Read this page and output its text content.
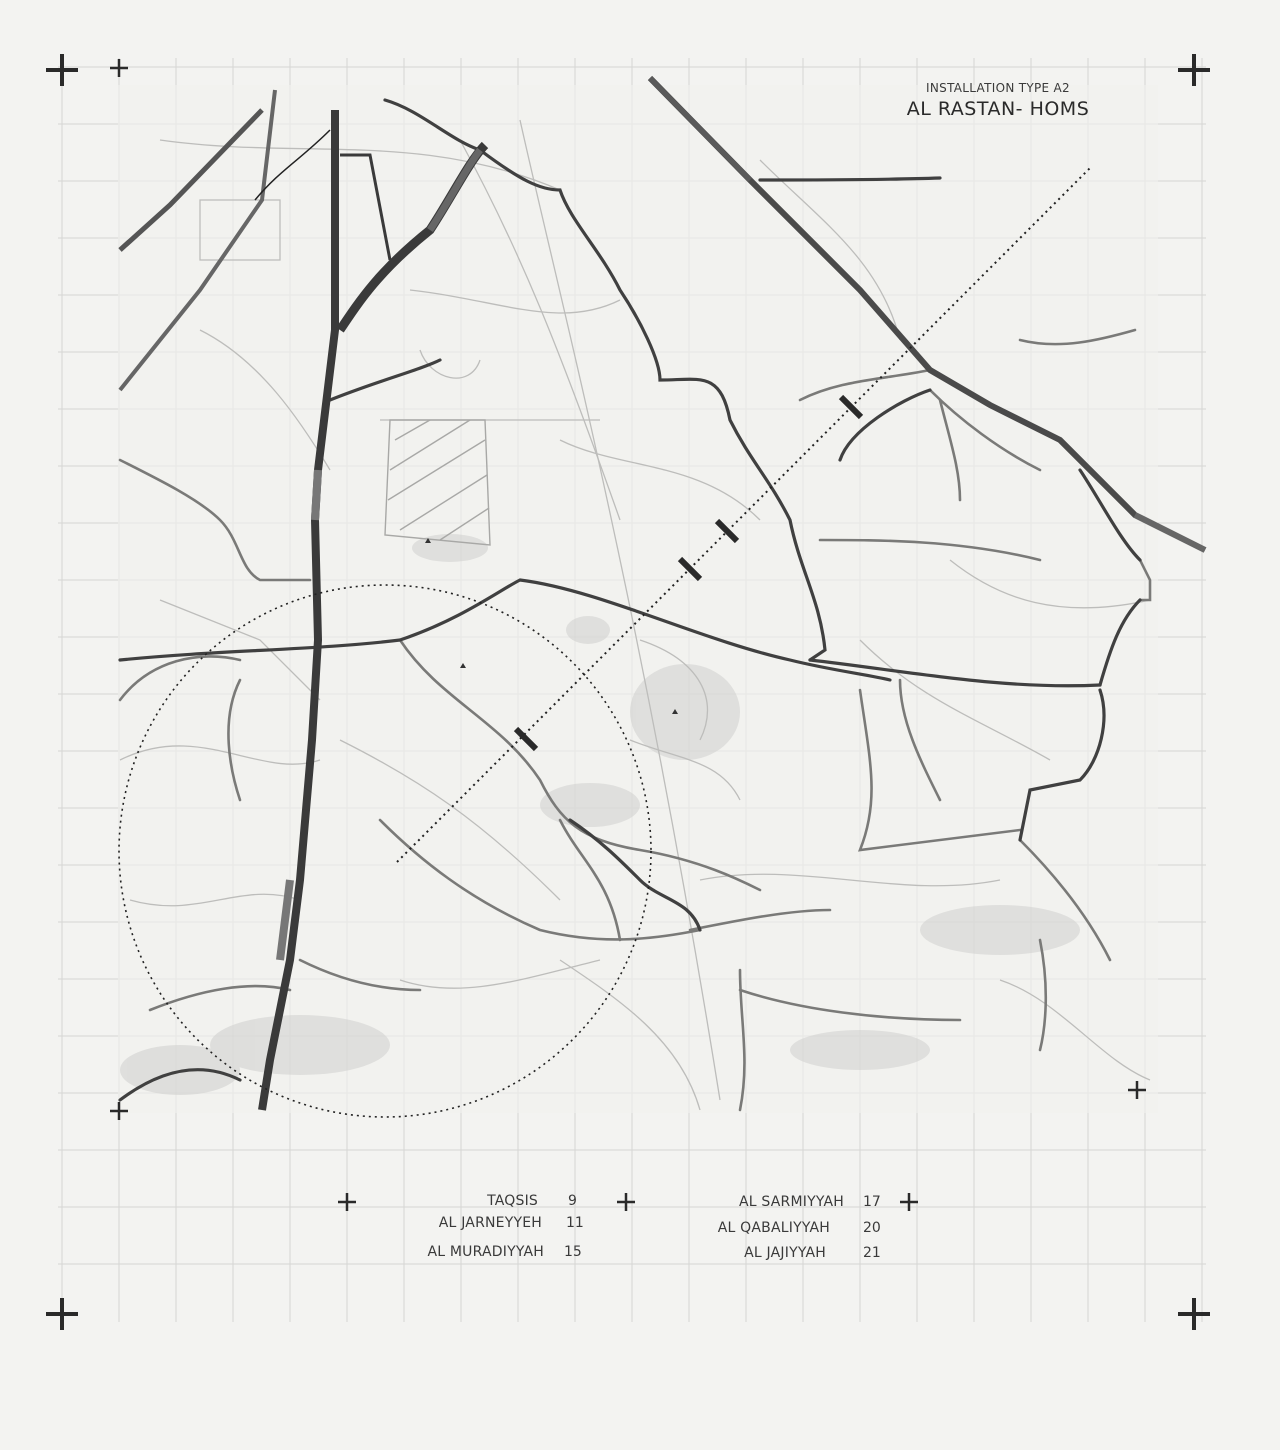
INSTALLATION TYPE A2
AL RASTAN- HOMS
TAQSIS 9
AL JARNEYYEH 11
AL MURADIYYAH 15
AL SARMIYYAH 17
AL QABALIYYAH 20
AL JAJIYYAH	21
